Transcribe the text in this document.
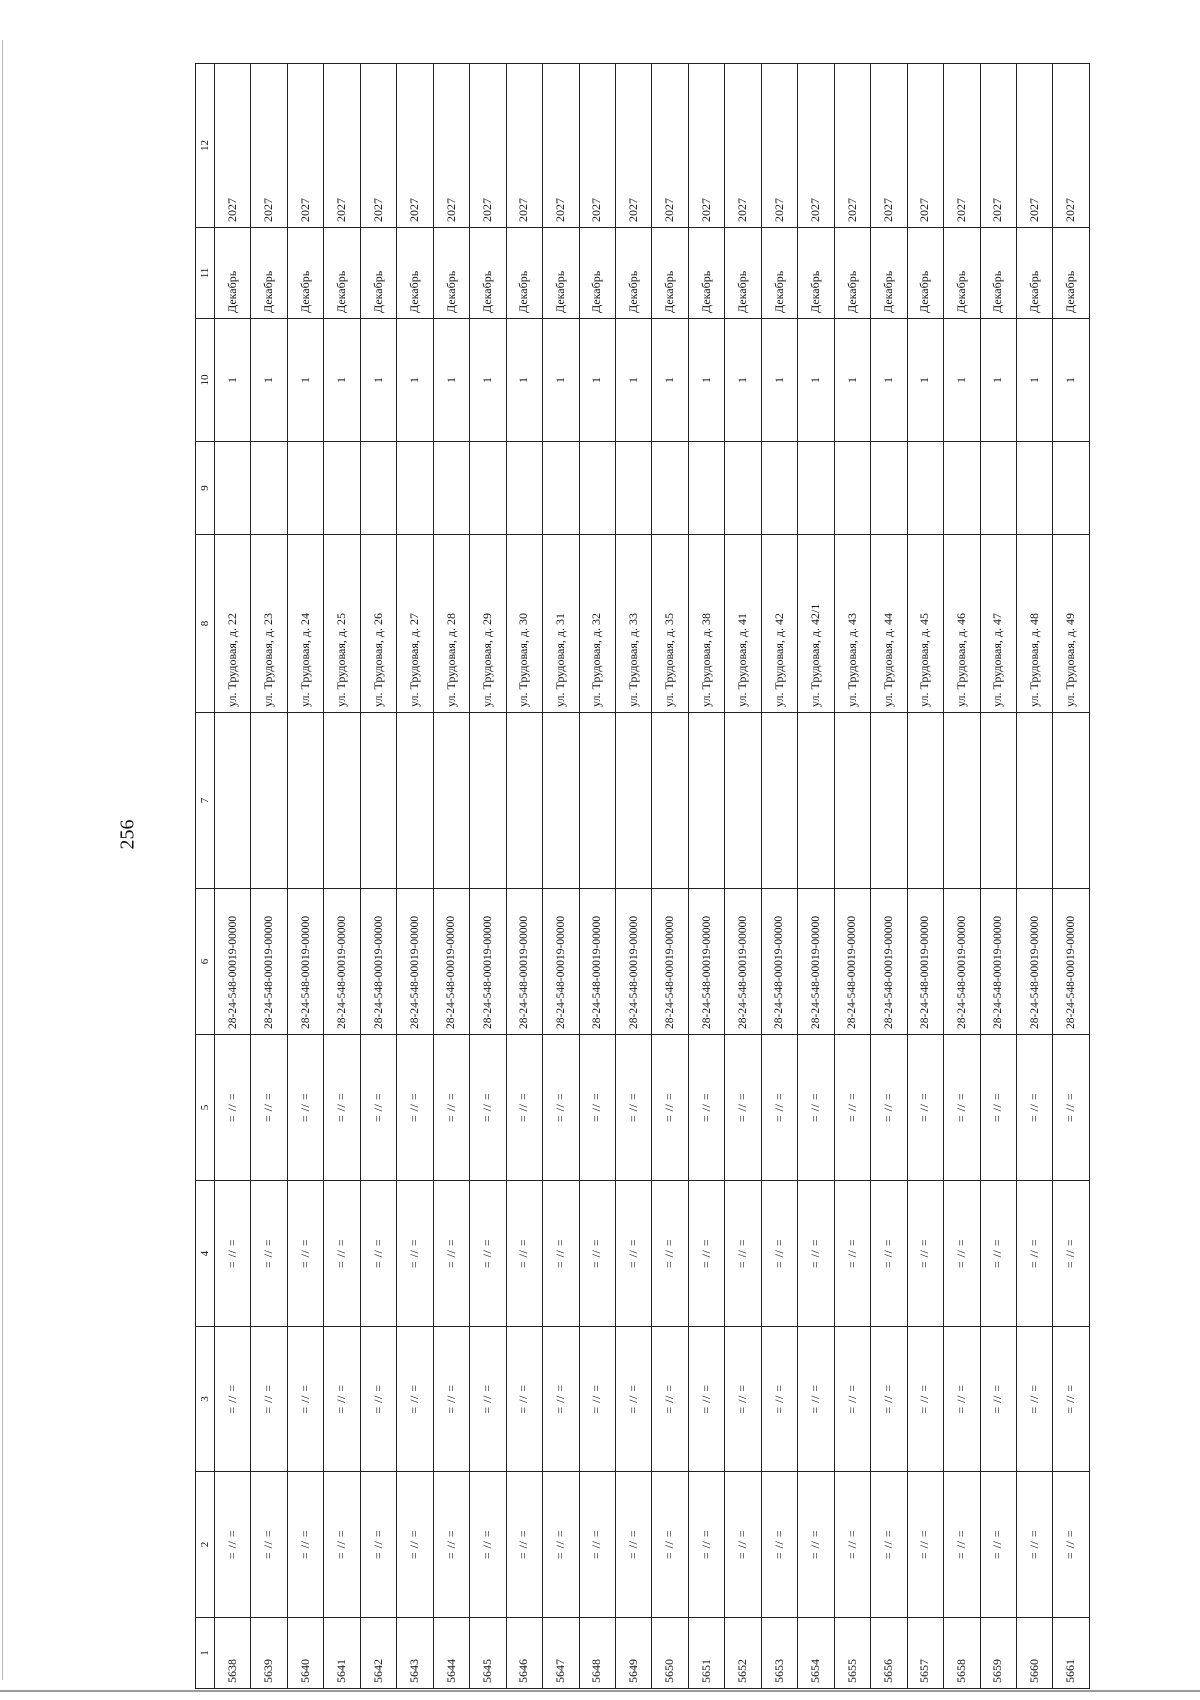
256
1	2	3	4	5	6	7	8	9	10	11	12
5638	= // =	= // =	= // =	= // =	28-24-548-00019-00000		ул. Трудовая, д. 22		1	Декабрь	2027
5639	= // =	= // =	= // =	= // =	28-24-548-00019-00000		ул. Трудовая, д. 23		1	Декабрь	2027
5640	= // =	= // =	= // =	= // =	28-24-548-00019-00000		ул. Трудовая, д. 24		1	Декабрь	2027
5641	= // =	= // =	= // =	= // =	28-24-548-00019-00000		ул. Трудовая, д. 25		1	Декабрь	2027
5642	= // =	= // =	= // =	= // =	28-24-548-00019-00000		ул. Трудовая, д. 26		1	Декабрь	2027
5643	= // =	= // =	= // =	= // =	28-24-548-00019-00000		ул. Трудовая, д. 27		1	Декабрь	2027
5644	= // =	= // =	= // =	= // =	28-24-548-00019-00000		ул. Трудовая, д. 28		1	Декабрь	2027
5645	= // =	= // =	= // =	= // =	28-24-548-00019-00000		ул. Трудовая, д. 29		1	Декабрь	2027
5646	= // =	= // =	= // =	= // =	28-24-548-00019-00000		ул. Трудовая, д. 30		1	Декабрь	2027
5647	= // =	= // =	= // =	= // =	28-24-548-00019-00000		ул. Трудовая, д. 31		1	Декабрь	2027
5648	= // =	= // =	= // =	= // =	28-24-548-00019-00000		ул. Трудовая, д. 32		1	Декабрь	2027
5649	= // =	= // =	= // =	= // =	28-24-548-00019-00000		ул. Трудовая, д. 33		1	Декабрь	2027
5650	= // =	= // =	= // =	= // =	28-24-548-00019-00000		ул. Трудовая, д. 35		1	Декабрь	2027
5651	= // =	= // =	= // =	= // =	28-24-548-00019-00000		ул. Трудовая, д. 38		1	Декабрь	2027
5652	= // =	= // =	= // =	= // =	28-24-548-00019-00000		ул. Трудовая, д. 41		1	Декабрь	2027
5653	= // =	= // =	= // =	= // =	28-24-548-00019-00000		ул. Трудовая, д. 42		1	Декабрь	2027
5654	= // =	= // =	= // =	= // =	28-24-548-00019-00000		ул. Трудовая, д. 42/1		1	Декабрь	2027
5655	= // =	= // =	= // =	= // =	28-24-548-00019-00000		ул. Трудовая, д. 43		1	Декабрь	2027
5656	= // =	= // =	= // =	= // =	28-24-548-00019-00000		ул. Трудовая, д. 44		1	Декабрь	2027
5657	= // =	= // =	= // =	= // =	28-24-548-00019-00000		ул. Трудовая, д. 45		1	Декабрь	2027
5658	= // =	= // =	= // =	= // =	28-24-548-00019-00000		ул. Трудовая, д. 46		1	Декабрь	2027
5659	= // =	= // =	= // =	= // =	28-24-548-00019-00000		ул. Трудовая, д. 47		1	Декабрь	2027
5660	= // =	= // =	= // =	= // =	28-24-548-00019-00000		ул. Трудовая, д. 48		1	Декабрь	2027
5661	= // =	= // =	= // =	= // =	28-24-548-00019-00000		ул. Трудовая, д. 49		1	Декабрь	2027
